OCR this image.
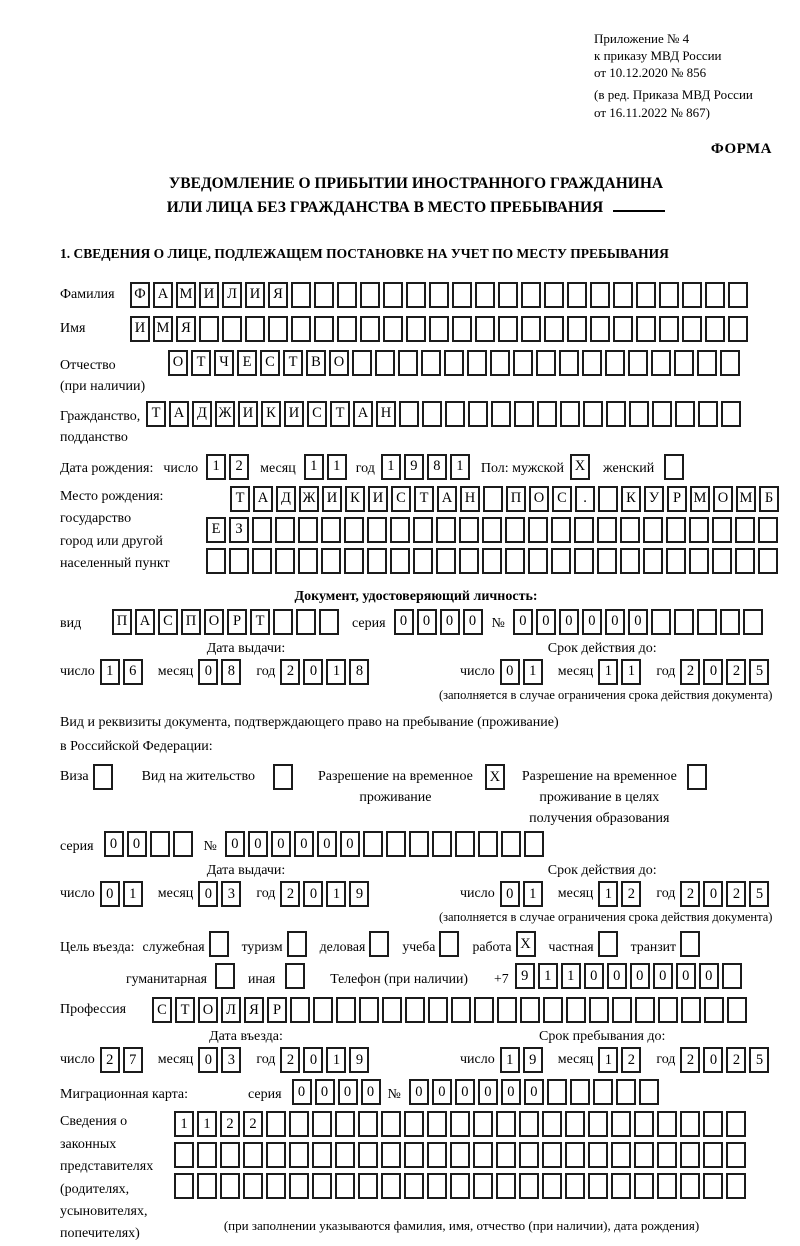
Приложение № 4
к приказу МВД России
от 10.12.2020 № 856
(в ред. Приказа МВД России
от 16.11.2022 № 867)
ФОРМА
УВЕДОМЛЕНИЕ О ПРИБЫТИИ ИНОСТРАННОГО ГРАЖДАНИНА
ИЛИ ЛИЦА БЕЗ ГРАЖДАНСТВА В МЕСТО ПРЕБЫВАНИЯ
1. СВЕДЕНИЯ О ЛИЦЕ, ПОДЛЕЖАЩЕМ ПОСТАНОВКЕ НА УЧЕТ ПО МЕСТУ ПРЕБЫВАНИЯ
Фамилия	Ф А М И Л И Я
Имя	И М Я
Отчество
(при наличии)
О Т Ч Е С Т В О
Гражданство,
подданство
Т А Д Ж И К И С Т А Н
Дата рождения: число 1	2	месяц 1	1	год 1	9	8	1	Пол: мужской X	женский
Место рождения:
государство
город или другой
населенный пункт
Т А Д Ж И К И С Т А Н	П О С	.	К У Р М О М Б
Е	З
Документ, удостоверяющий личность:
вид	П А С П О Р	Т	серия 0	0	0	0	№ 0	0	0	0	0	0
Дата выдачи:
число 1	6	месяц 0	8	год 2	0	1	8
Срок действия до:
число 0	1	месяц 1	1	год 2	0	2	5
(заполняется в случае ограничения срока действия документа)
Вид и реквизиты документа, подтверждающего право на пребывание (проживание)
в Российской Федерации:
Виза	Вид на жительство	Разрешение на временное
проживание
X	Разрешение на временное
проживание в целях
получения образования
серия	0	0	№ 0	0	0	0	0	0
Дата выдачи:
число 0	1	месяц 0	3	год 2	0	1	9
Срок действия до:
число 0	1	месяц 1	2	год 2	0	2	5
(заполняется в случае ограничения срока действия документа)
Цель въезда: служебная	туризм	деловая	учеба	работа X	частная	транзит
гуманитарная	иная	Телефон (при наличии) +7 9	1	1	0	0	0	0	0	0
Профессия	С Т О Л Я Р
Дата въезда:
число 2	7	месяц 0	3	год 2	0	1	9
Срок пребывания до:
число 1	9	месяц 1	2	год 2	0	2	5
Миграционная карта:	серия	0	0	0	0 № 0	0	0	0	0	0
Сведения о
законных
представителях
(родителях,
усыновителях,
попечителях)
1	1	2	2
(при заполнении указываются фамилия, имя, отчество (при наличии), дата рождения)
